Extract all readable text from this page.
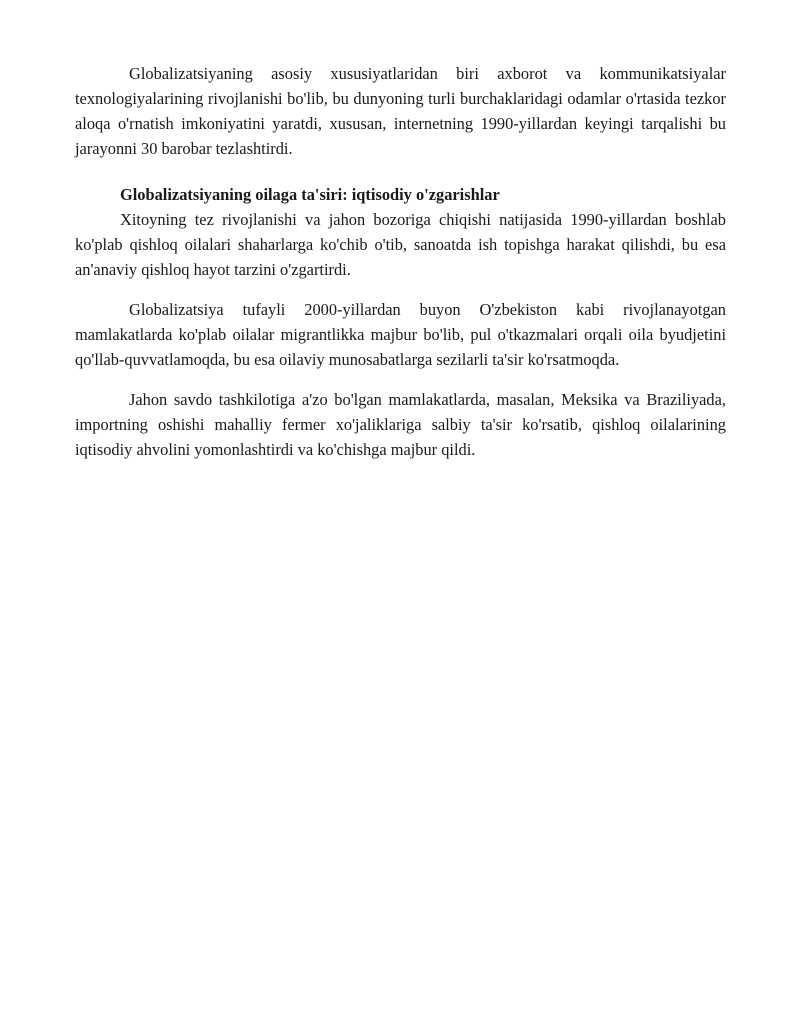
Globalizatsiyaning asosiy xususiyatlaridan biri axborot va kommunikatsiyalar texnologiyalarining rivojlanishi bo'lib, bu dunyoning turli burchaklaridagi odamlar o'rtasida tezkor aloqa o'rnatish imkoniyatini yaratdi, xususan, internetning 1990-yillardan keyingi tarqalishi bu jarayonni 30 barobar tezlashtirdi.

Globalizatsiyaning oilaga ta'siri: iqtisodiy o'zgarishlar

Xitoyning tez rivojlanishi va jahon bozoriga chiqishi natijasida 1990-yillardan boshlab ko'plab qishloq oilalari shaharlarga ko'chib o'tib, sanoatda ish topishga harakat qilishdi, bu esa an'anaviy qishloq hayot tarzini o'zgartirdi.

Globalizatsiya tufayli 2000-yillardan buyon O'zbekiston kabi rivojlanayotgan mamlakatlarda ko'plab oilalar migrantlikka majbur bo'lib, pul o'tkazmalari orqali oila byudjetini qo'llab-quvvatlamoqda, bu esa oilaviy munosabatlarga sezilarli ta'sir ko'rsatmoqda.

Jahon savdo tashkilotiga a'zo bo'lgan mamlakatlarda, masalan, Meksika va Braziliyada, importning oshishi mahalliy fermer xo'jaliklariga salbiy ta'sir ko'rsatib, qishloq oilalarining iqtisodiy ahvolini yomonlashtirdi va ko'chishga majbur qildi.
